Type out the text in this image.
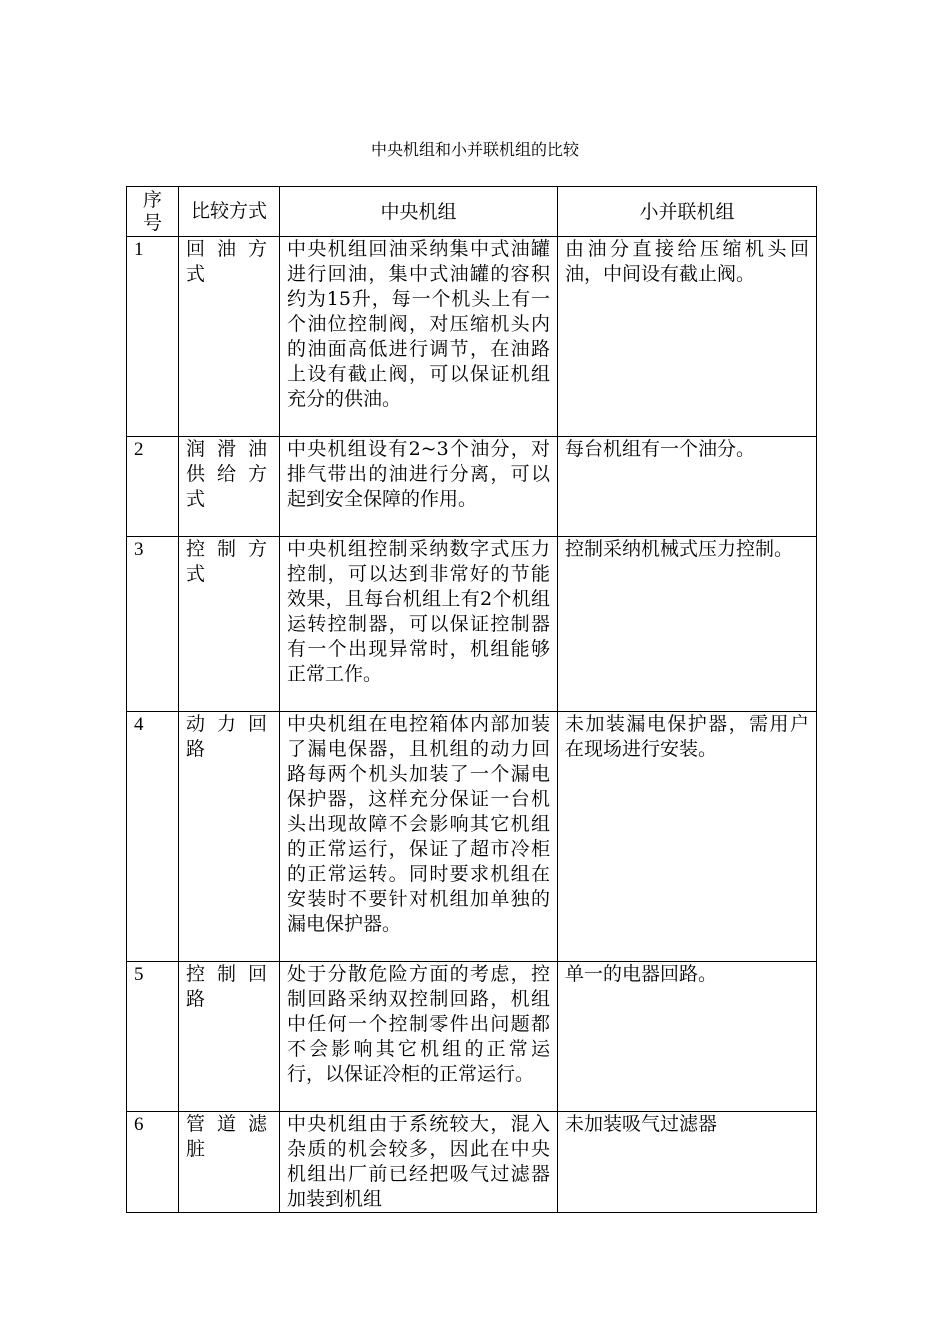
中央机组和小并联机组的比较
序号	比较方式	中央机组	小并联机组
1	回油方式	中央机组回油采纳集中式油罐进行回油，集中式油罐的容积约为15升，每一个机头上有一个油位控制阀，对压缩机头内的油面高低进行调节，在油路上设有截止阀，可以保证机组充分的供油。	由油分直接给压缩机头回油，中间设有截止阀。
2	润滑油供给方式	中央机组设有2~3个油分，对排气带出的油进行分离，可以起到安全保障的作用。	每台机组有一个油分。
3	控制方式	中央机组控制采纳数字式压力控制，可以达到非常好的节能效果，且每台机组上有2个机组运转控制器，可以保证控制器有一个出现异常时，机组能够正常工作。	控制采纳机械式压力控制。
4	动力回路	中央机组在电控箱体内部加装了漏电保器，且机组的动力回路每两个机头加装了一个漏电保护器，这样充分保证一台机头出现故障不会影响其它机组的正常运行，保证了超市冷柜的正常运转。同时要求机组在安装时不要针对机组加单独的漏电保护器。	未加装漏电保护器，需用户在现场进行安装。
5	控制回路	处于分散危险方面的考虑，控制回路采纳双控制回路，机组中任何一个控制零件出问题都不会影响其它机组的正常运行，以保证冷柜的正常运行。	单一的电器回路。
6	管道滤脏	中央机组由于系统较大，混入杂质的机会较多，因此在中央机组出厂前已经把吸气过滤器加装到机组	未加装吸气过滤器
